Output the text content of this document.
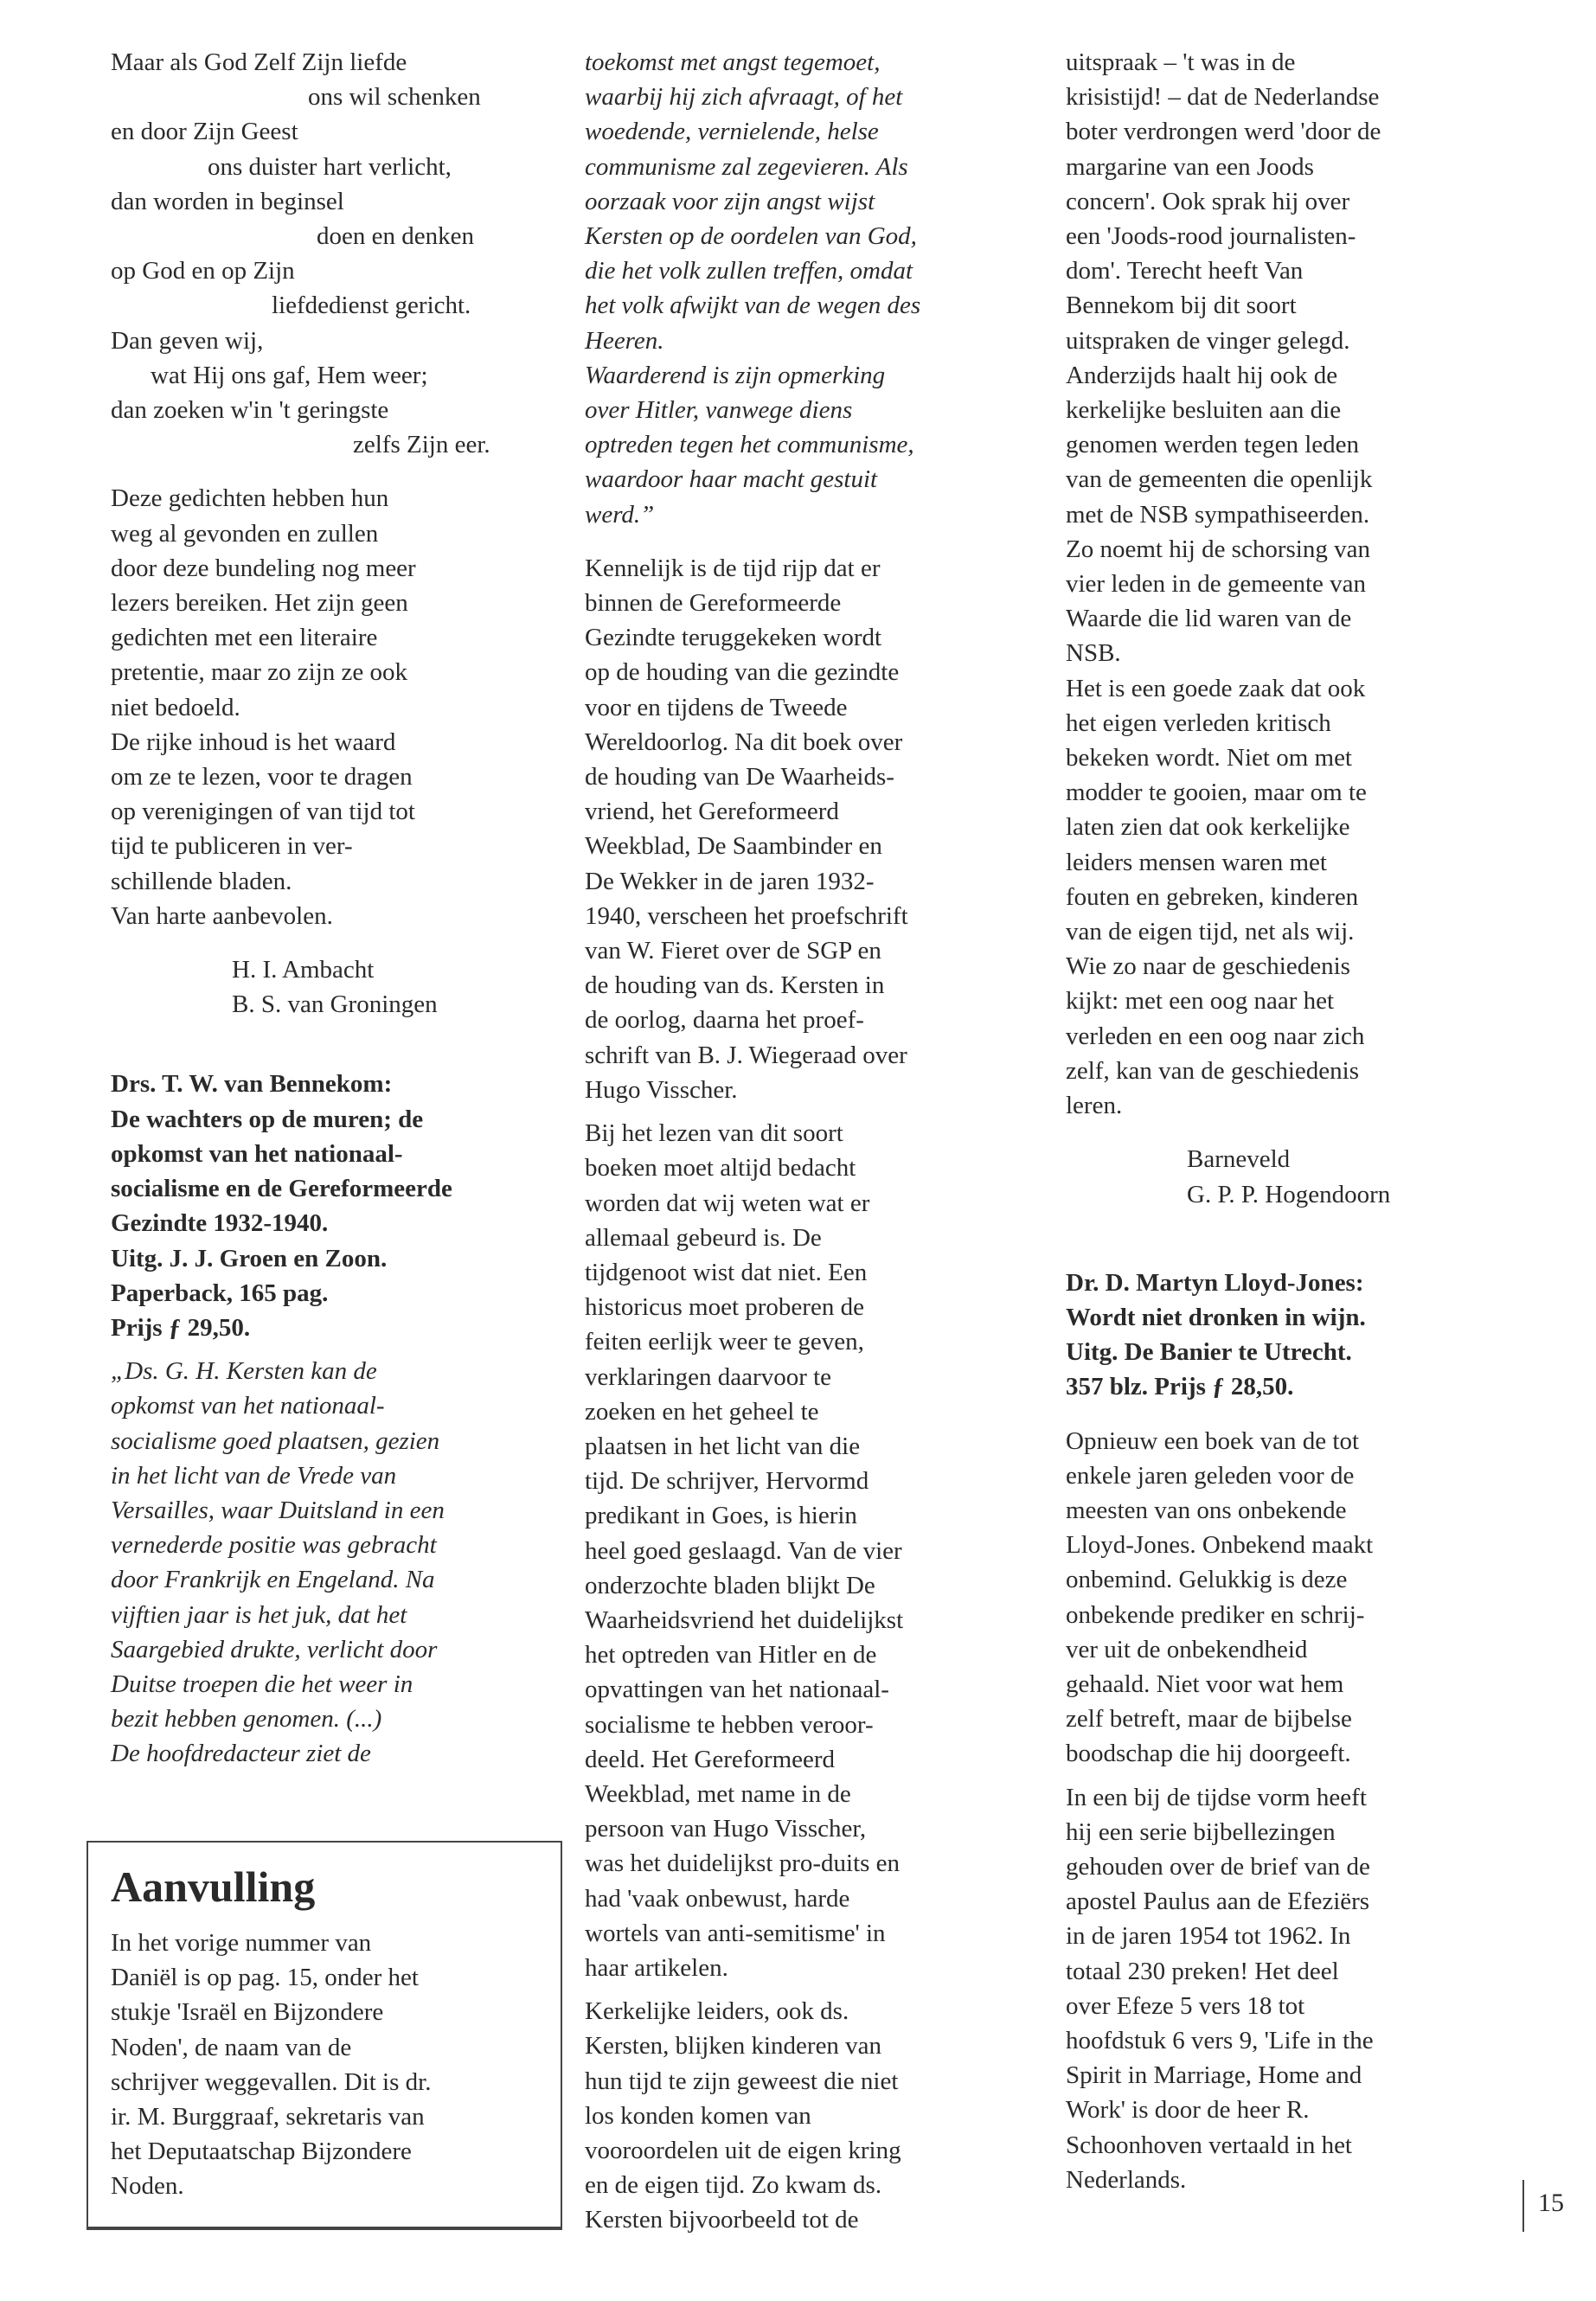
Maar als God Zelf Zijn liefde
ons wil schenken
en door Zijn Geest
ons duister hart verlicht,
dan worden in beginsel
doen en denken
op God en op Zijn
liefdedienst gericht.
Dan geven wij,
wat Hij ons gaf, Hem weer;
dan zoeken w'in 't geringste
zelfs Zijn eer.

Deze gedichten hebben hun

weg al gevonden en zullen

door deze bundeling nog meer

lezers bereiken. Het zijn geen

gedichten met een literaire

pretentie, maar zo zijn ze ook

niet bedoeld.

De rijke inhoud is het waard

om ze te lezen, voor te dragen

op verenigingen of van tijd tot

tijd te publiceren in ver-

schillende bladen.

Van harte aanbevolen.

H. I. Ambacht

B. S. van Groningen

Drs. T. W. van Bennekom:

De wachters op de muren; de

opkomst van het nationaal-

socialisme en de Gereformeerde

Gezindte 1932-1940.

Uitg. J. J. Groen en Zoon.

Paperback, 165 pag.

Prijs ƒ 29,50.

„Ds. G. H. Kersten kan de

opkomst van het nationaal-

socialisme goed plaatsen, gezien

in het licht van de Vrede van

Versailles, waar Duitsland in een

vernederde positie was gebracht

door Frankrijk en Engeland. Na

vijftien jaar is het juk, dat het

Saargebied drukte, verlicht door

Duitse troepen die het weer in

bezit hebben genomen. (...)

De hoofdredacteur ziet de

Aanvulling

In het vorige nummer van

Daniël is op pag. 15, onder het

stukje 'Israël en Bijzondere

Noden', de naam van de

schrijver weggevallen. Dit is dr.

ir. M. Burggraaf, sekretaris van

het Deputaatschap Bijzondere

Noden.

toekomst met angst tegemoet,

waarbij hij zich afvraagt, of het

woedende, vernielende, helse

communisme zal zegevieren. Als

oorzaak voor zijn angst wijst

Kersten op de oordelen van God,

die het volk zullen treffen, omdat

het volk afwijkt van de wegen des

Heeren.

Waarderend is zijn opmerking

over Hitler, vanwege diens

optreden tegen het communisme,

waardoor haar macht gestuit

werd.”

Kennelijk is de tijd rijp dat er

binnen de Gereformeerde

Gezindte teruggekeken wordt

op de houding van die gezindte

voor en tijdens de Tweede

Wereldoorlog. Na dit boek over

de houding van De Waarheids-

vriend, het Gereformeerd

Weekblad, De Saambinder en

De Wekker in de jaren 1932-

1940, verscheen het proefschrift

van W. Fieret over de SGP en

de houding van ds. Kersten in

de oorlog, daarna het proef-

schrift van B. J. Wiegeraad over

Hugo Visscher.

Bij het lezen van dit soort

boeken moet altijd bedacht

worden dat wij weten wat er

allemaal gebeurd is. De

tijdgenoot wist dat niet. Een

historicus moet proberen de

feiten eerlijk weer te geven,

verklaringen daarvoor te

zoeken en het geheel te

plaatsen in het licht van die

tijd. De schrijver, Hervormd

predikant in Goes, is hierin

heel goed geslaagd. Van de vier

onderzochte bladen blijkt De

Waarheidsvriend het duidelijkst

het optreden van Hitler en de

opvattingen van het nationaal-

socialisme te hebben veroor-

deeld. Het Gereformeerd

Weekblad, met name in de

persoon van Hugo Visscher,

was het duidelijkst pro-duits en

had 'vaak onbewust, harde

wortels van anti-semitisme' in

haar artikelen.

Kerkelijke leiders, ook ds.

Kersten, blijken kinderen van

hun tijd te zijn geweest die niet

los konden komen van

vooroordelen uit de eigen kring

en de eigen tijd. Zo kwam ds.

Kersten bijvoorbeeld tot de

uitspraak – 't was in de

krisistijd! – dat de Nederlandse

boter verdrongen werd 'door de

margarine van een Joods

concern'. Ook sprak hij over

een 'Joods-rood journalisten-

dom'. Terecht heeft Van

Bennekom bij dit soort

uitspraken de vinger gelegd.

Anderzijds haalt hij ook de

kerkelijke besluiten aan die

genomen werden tegen leden

van de gemeenten die openlijk

met de NSB sympathiseerden.

Zo noemt hij de schorsing van

vier leden in de gemeente van

Waarde die lid waren van de

NSB.

Het is een goede zaak dat ook

het eigen verleden kritisch

bekeken wordt. Niet om met

modder te gooien, maar om te

laten zien dat ook kerkelijke

leiders mensen waren met

fouten en gebreken, kinderen

van de eigen tijd, net als wij.

Wie zo naar de geschiedenis

kijkt: met een oog naar het

verleden en een oog naar zich

zelf, kan van de geschiedenis

leren.

Barneveld

G. P. P. Hogendoorn

Dr. D. Martyn Lloyd-Jones:

Wordt niet dronken in wijn.

Uitg. De Banier te Utrecht.

357 blz. Prijs ƒ 28,50.

Opnieuw een boek van de tot

enkele jaren geleden voor de

meesten van ons onbekende

Lloyd-Jones. Onbekend maakt

onbemind. Gelukkig is deze

onbekende prediker en schrij-

ver uit de onbekendheid

gehaald. Niet voor wat hem

zelf betreft, maar de bijbelse

boodschap die hij doorgeeft.

In een bij de tijdse vorm heeft

hij een serie bijbellezingen

gehouden over de brief van de

apostel Paulus aan de Efeziërs

in de jaren 1954 tot 1962. In

totaal 230 preken! Het deel

over Efeze 5 vers 18 tot

hoofdstuk 6 vers 9, 'Life in the

Spirit in Marriage, Home and

Work' is door de heer R.

Schoonhoven vertaald in het

Nederlands.

15
